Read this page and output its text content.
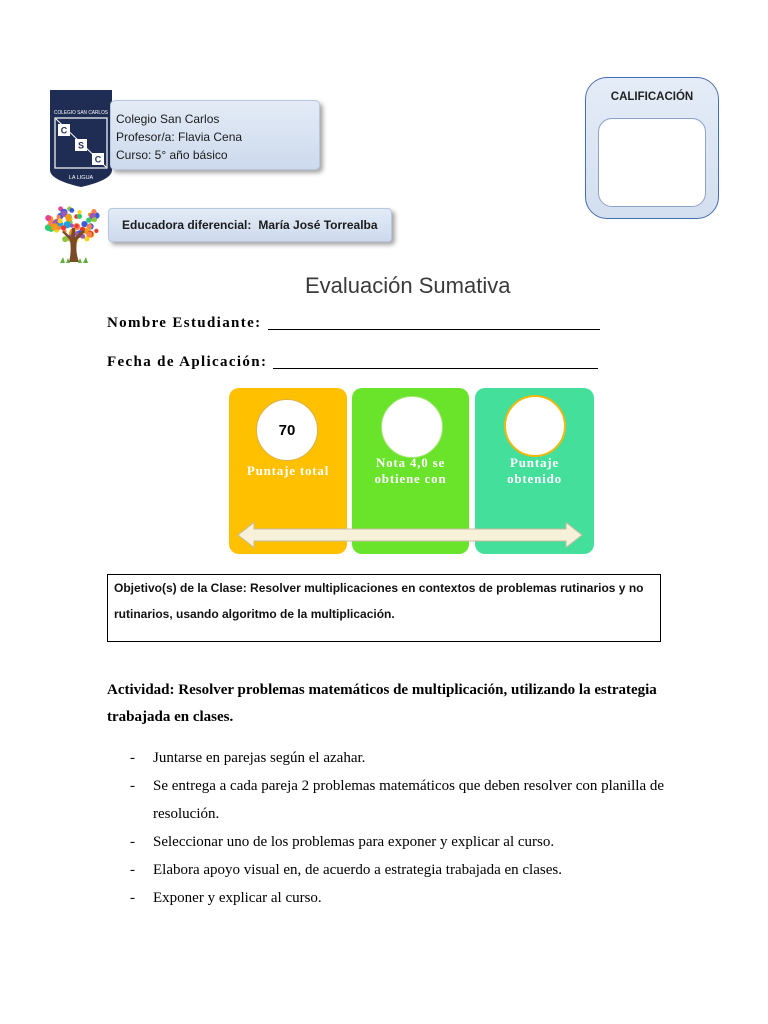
COLEGIO SAN CARLOS
C
S
C
LA LIGUA
Colegio San Carlos
Profesor/a: Flavia Cena
Curso: 5° año básico
Educadora diferencial: María José Torrealba
CALIFICACIÓN
Evaluación Sumativa
Nombre Estudiante:
Fecha de Aplicación:
70
Puntaje total
Nota 4,0 se
obtiene con
Puntaje
obtenido
Objetivo(s) de la Clase: Resolver multiplicaciones en contextos de problemas rutinarios y no rutinarios, usando algoritmo de la multiplicación.
Actividad: Resolver problemas matemáticos de multiplicación, utilizando la estrategia trabajada en clases.
-	Juntarse en parejas según el azahar.
-	Se entrega a cada pareja 2 problemas matemáticos que deben resolver con planilla de resolución.
-	Seleccionar uno de los problemas para exponer y explicar al curso.
-	Elabora apoyo visual en, de acuerdo a estrategia trabajada en clases.
-	Exponer y explicar al curso.
